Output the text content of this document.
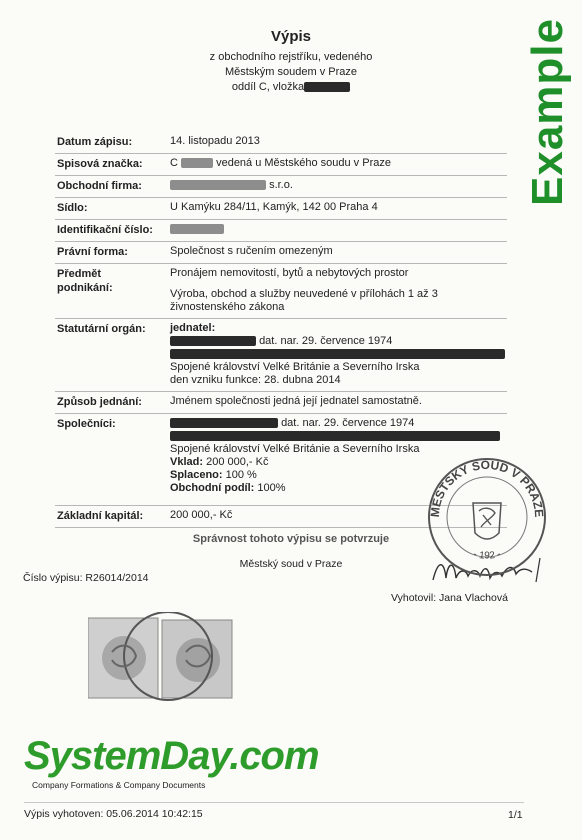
Výpis
z obchodního rejstříku, vedeného
Městským soudem v Praze
oddíl C, vložka	Example
Datum zápisu:	14. listopadu 2013
Spisová značka:	C	vedená u Městského soudu v Praze
Obchodní firma:	s.r.o.
Sídlo:	U Kamýku 284/11, Kamýk, 142 00 Praha 4
Identifikační číslo:
Právní forma:	Společnost s ručením omezeným
Předmět podnikání:

Pronájem nemovitostí, bytů a nebytových prostor

Výroba, obchod a služby neuvedené v přílohách 1 až 3 živnostenského zákona

Statutární orgán:	jednatel:

dat. nar. 29. července 1974

Spojené království Velké Británie a Severního Irska

den vzniku funkce: 28. dubna 2014

Způsob jednání:	Jménem společnosti jedná její jednatel samostatně.
Společníci:	dat. nar. 29. července 1974

Spojené království Velké Británie a Severního Irska

Vklad: 200 000,- Kč

Splaceno: 100 %

Obchodní podíl: 100%

Základní kapitál:	200 000,- Kč
Správnost tohoto výpisu se potvrzuje
Městský soud v Praze
Číslo výpisu: R26014/2014
Vyhotovil: Jana Vlachová
MĚSTSKÝ SOUD V PRAZE
- 192 -
SystemDay.com
Company Formations & Company Documents
Výpis vyhotoven: 05.06.2014 10:42:15	1/1
